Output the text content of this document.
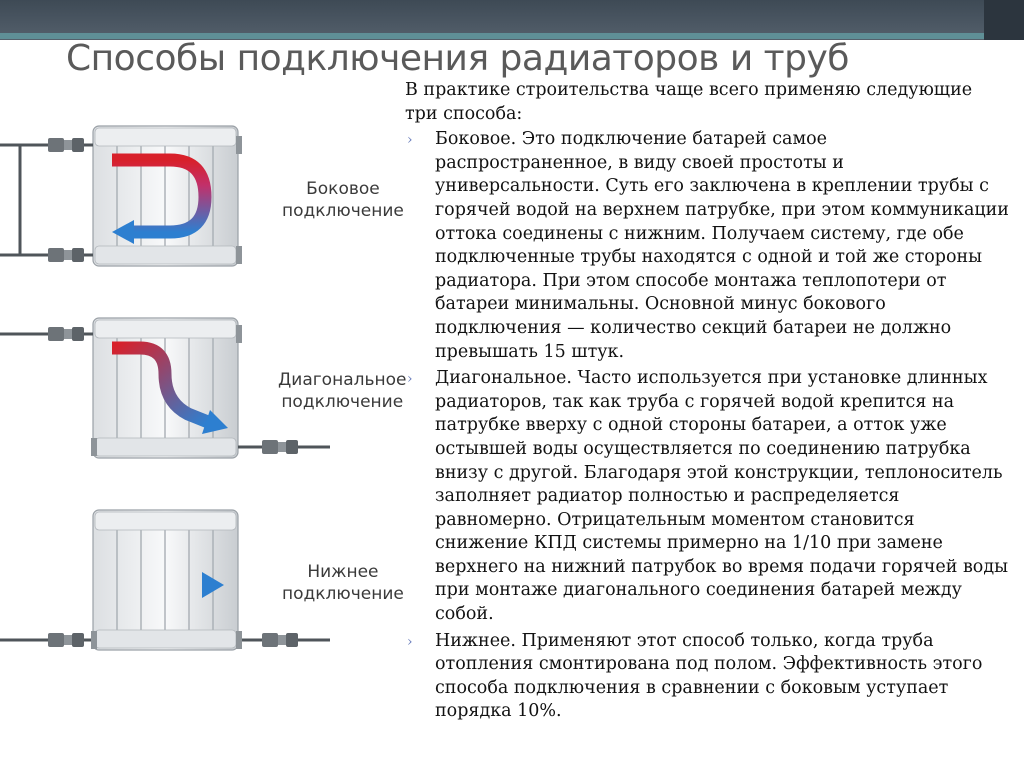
Способы подключения радиаторов и труб
Боковое
подключение
Диагональное
подключение
Нижнее
подключение

В практике строительства чаще всего применяю следующие три способа:

› Боковое. Это подключение батарей самое распространенное, в виду своей простоты и универсальности. Суть его заключена в креплении трубы с горячей водой на верхнем патрубке, при этом коммуникации оттока соединены с нижним. Получаем систему, где обе подключенные трубы находятся с одной и той же стороны радиатора. При этом способе монтажа теплопотери от батареи минимальны. Основной минус бокового подключения — количество секций батареи не должно превышать 15 штук.
› Диагональное. Часто используется при установке длинных радиаторов, так как труба с горячей водой крепится на патрубке вверху с одной стороны батареи, а отток уже остывшей воды осуществляется по соединению патрубка внизу с другой. Благодаря этой конструкции, теплоноситель заполняет радиатор полностью и распределяется равномерно. Отрицательным моментом становится снижение КПД системы примерно на 1/10 при замене верхнего на нижний патрубок во время подачи горячей воды при монтаже диагонального соединения батарей между собой.
› Нижнее. Применяют этот способ только, когда труба отопления смонтирована под полом. Эффективность этого способа подключения в сравнении с боковым уступает порядка 10%.
